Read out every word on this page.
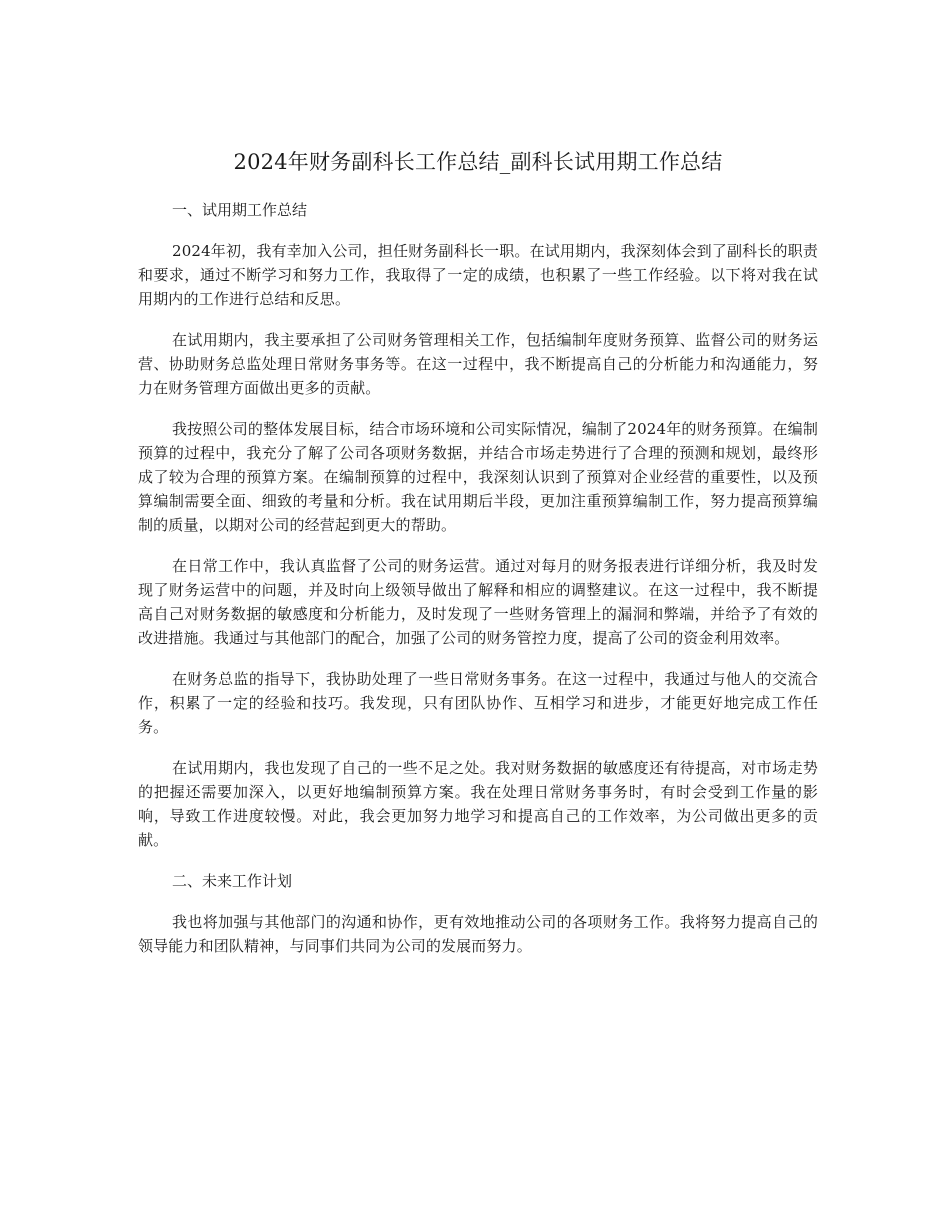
2024年财务副科长工作总结_副科长试用期工作总结
一、试用期工作总结

2024年初，我有幸加入公司，担任财务副科长一职。在试用期内，我深刻体会到了副科长的职责和要求，通过不断学习和努力工作，我取得了一定的成绩，也积累了一些工作经验。以下将对我在试用期内的工作进行总结和反思。

在试用期内，我主要承担了公司财务管理相关工作，包括编制年度财务预算、监督公司的财务运营、协助财务总监处理日常财务事务等。在这一过程中，我不断提高自己的分析能力和沟通能力，努力在财务管理方面做出更多的贡献。

我按照公司的整体发展目标，结合市场环境和公司实际情况，编制了2024年的财务预算。在编制预算的过程中，我充分了解了公司各项财务数据，并结合市场走势进行了合理的预测和规划，最终形成了较为合理的预算方案。在编制预算的过程中，我深刻认识到了预算对企业经营的重要性，以及预算编制需要全面、细致的考量和分析。我在试用期后半段，更加注重预算编制工作，努力提高预算编制的质量，以期对公司的经营起到更大的帮助。

在日常工作中，我认真监督了公司的财务运营。通过对每月的财务报表进行详细分析，我及时发现了财务运营中的问题，并及时向上级领导做出了解释和相应的调整建议。在这一过程中，我不断提高自己对财务数据的敏感度和分析能力，及时发现了一些财务管理上的漏洞和弊端，并给予了有效的改进措施。我通过与其他部门的配合，加强了公司的财务管控力度，提高了公司的资金利用效率。

在财务总监的指导下，我协助处理了一些日常财务事务。在这一过程中，我通过与他人的交流合作，积累了一定的经验和技巧。我发现，只有团队协作、互相学习和进步，才能更好地完成工作任务。

在试用期内，我也发现了自己的一些不足之处。我对财务数据的敏感度还有待提高，对市场走势的把握还需要加深入，以更好地编制预算方案。我在处理日常财务事务时，有时会受到工作量的影响，导致工作进度较慢。对此，我会更加努力地学习和提高自己的工作效率，为公司做出更多的贡献。

二、未来工作计划

我也将加强与其他部门的沟通和协作，更有效地推动公司的各项财务工作。我将努力提高自己的领导能力和团队精神，与同事们共同为公司的发展而努力。
